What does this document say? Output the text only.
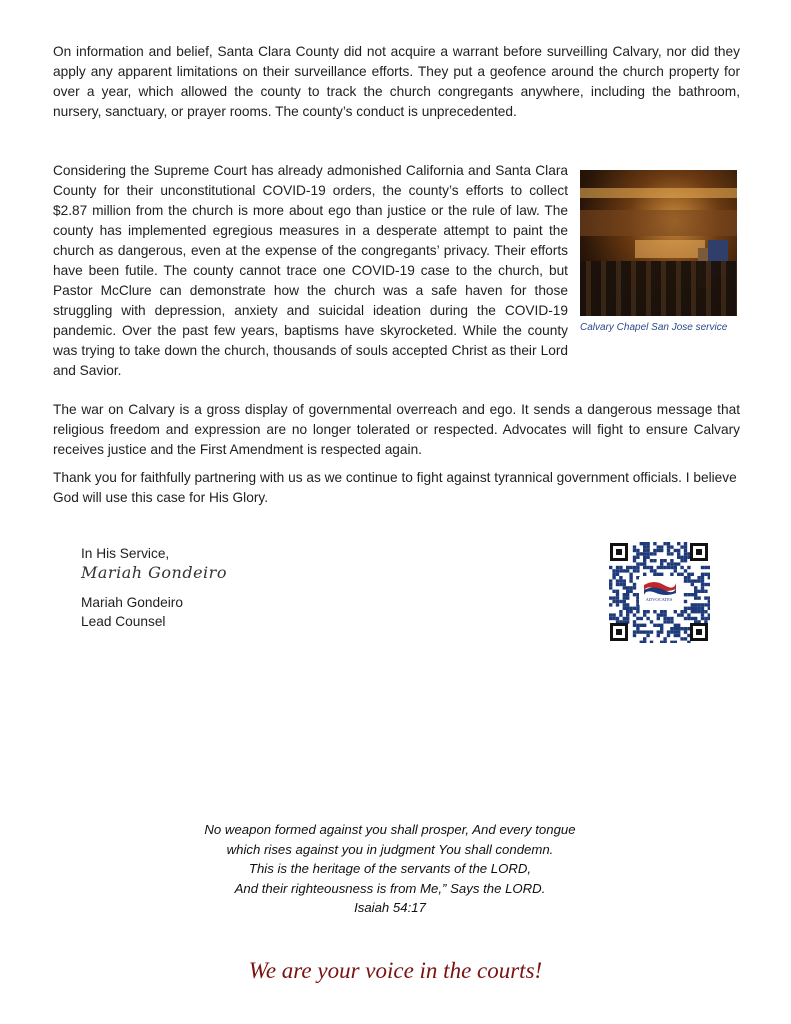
On information and belief, Santa Clara County did not acquire a warrant before surveilling Calvary, nor did they apply any apparent limitations on their surveillance efforts. They put a geofence around the church property for over a year, which allowed the county to track the church congregants anywhere, including the bathroom, nursery, sanctuary, or prayer rooms. The county’s conduct is unprecedented.

Considering the Supreme Court has already admonished California and Santa Clara County for their unconstitutional COVID-19 orders, the county’s efforts to collect $2.87 million from the church is more about ego than justice or the rule of law. The county has implemented egregious measures in a desperate attempt to paint the church as dangerous, even at the expense of the congregants’ privacy. Their efforts have been futile. The county cannot trace one COVID-19 case to the church, but Pastor McClure can demonstrate how the church was a safe haven for those struggling with depression, anxiety and suicidal ideation during the COVID-19 pandemic. Over the past few years, baptisms have skyrocketed. While the county was trying to take down the church, thousands of souls accepted Christ as their Lord and Savior.

Calvary Chapel San Jose service

The war on Calvary is a gross display of governmental overreach and ego. It sends a dangerous message that religious freedom and expression are no longer tolerated or respected. Advocates will fight to ensure Calvary receives justice and the First Amendment is respected again.

Thank you for faithfully partnering with us as we continue to fight against tyrannical government officials. I believe God will use this case for His Glory.

In His Service,
Mariah Gondeiro
Mariah Gondeiro
Lead Counsel
ADVOCATES
No weapon formed against you shall prosper, And every tongue
which rises against you in judgment You shall condemn.
This is the heritage of the servants of the LORD,
And their righteousness is from Me,” Says the LORD.
Isaiah 54:17
We are your voice in the courts!
